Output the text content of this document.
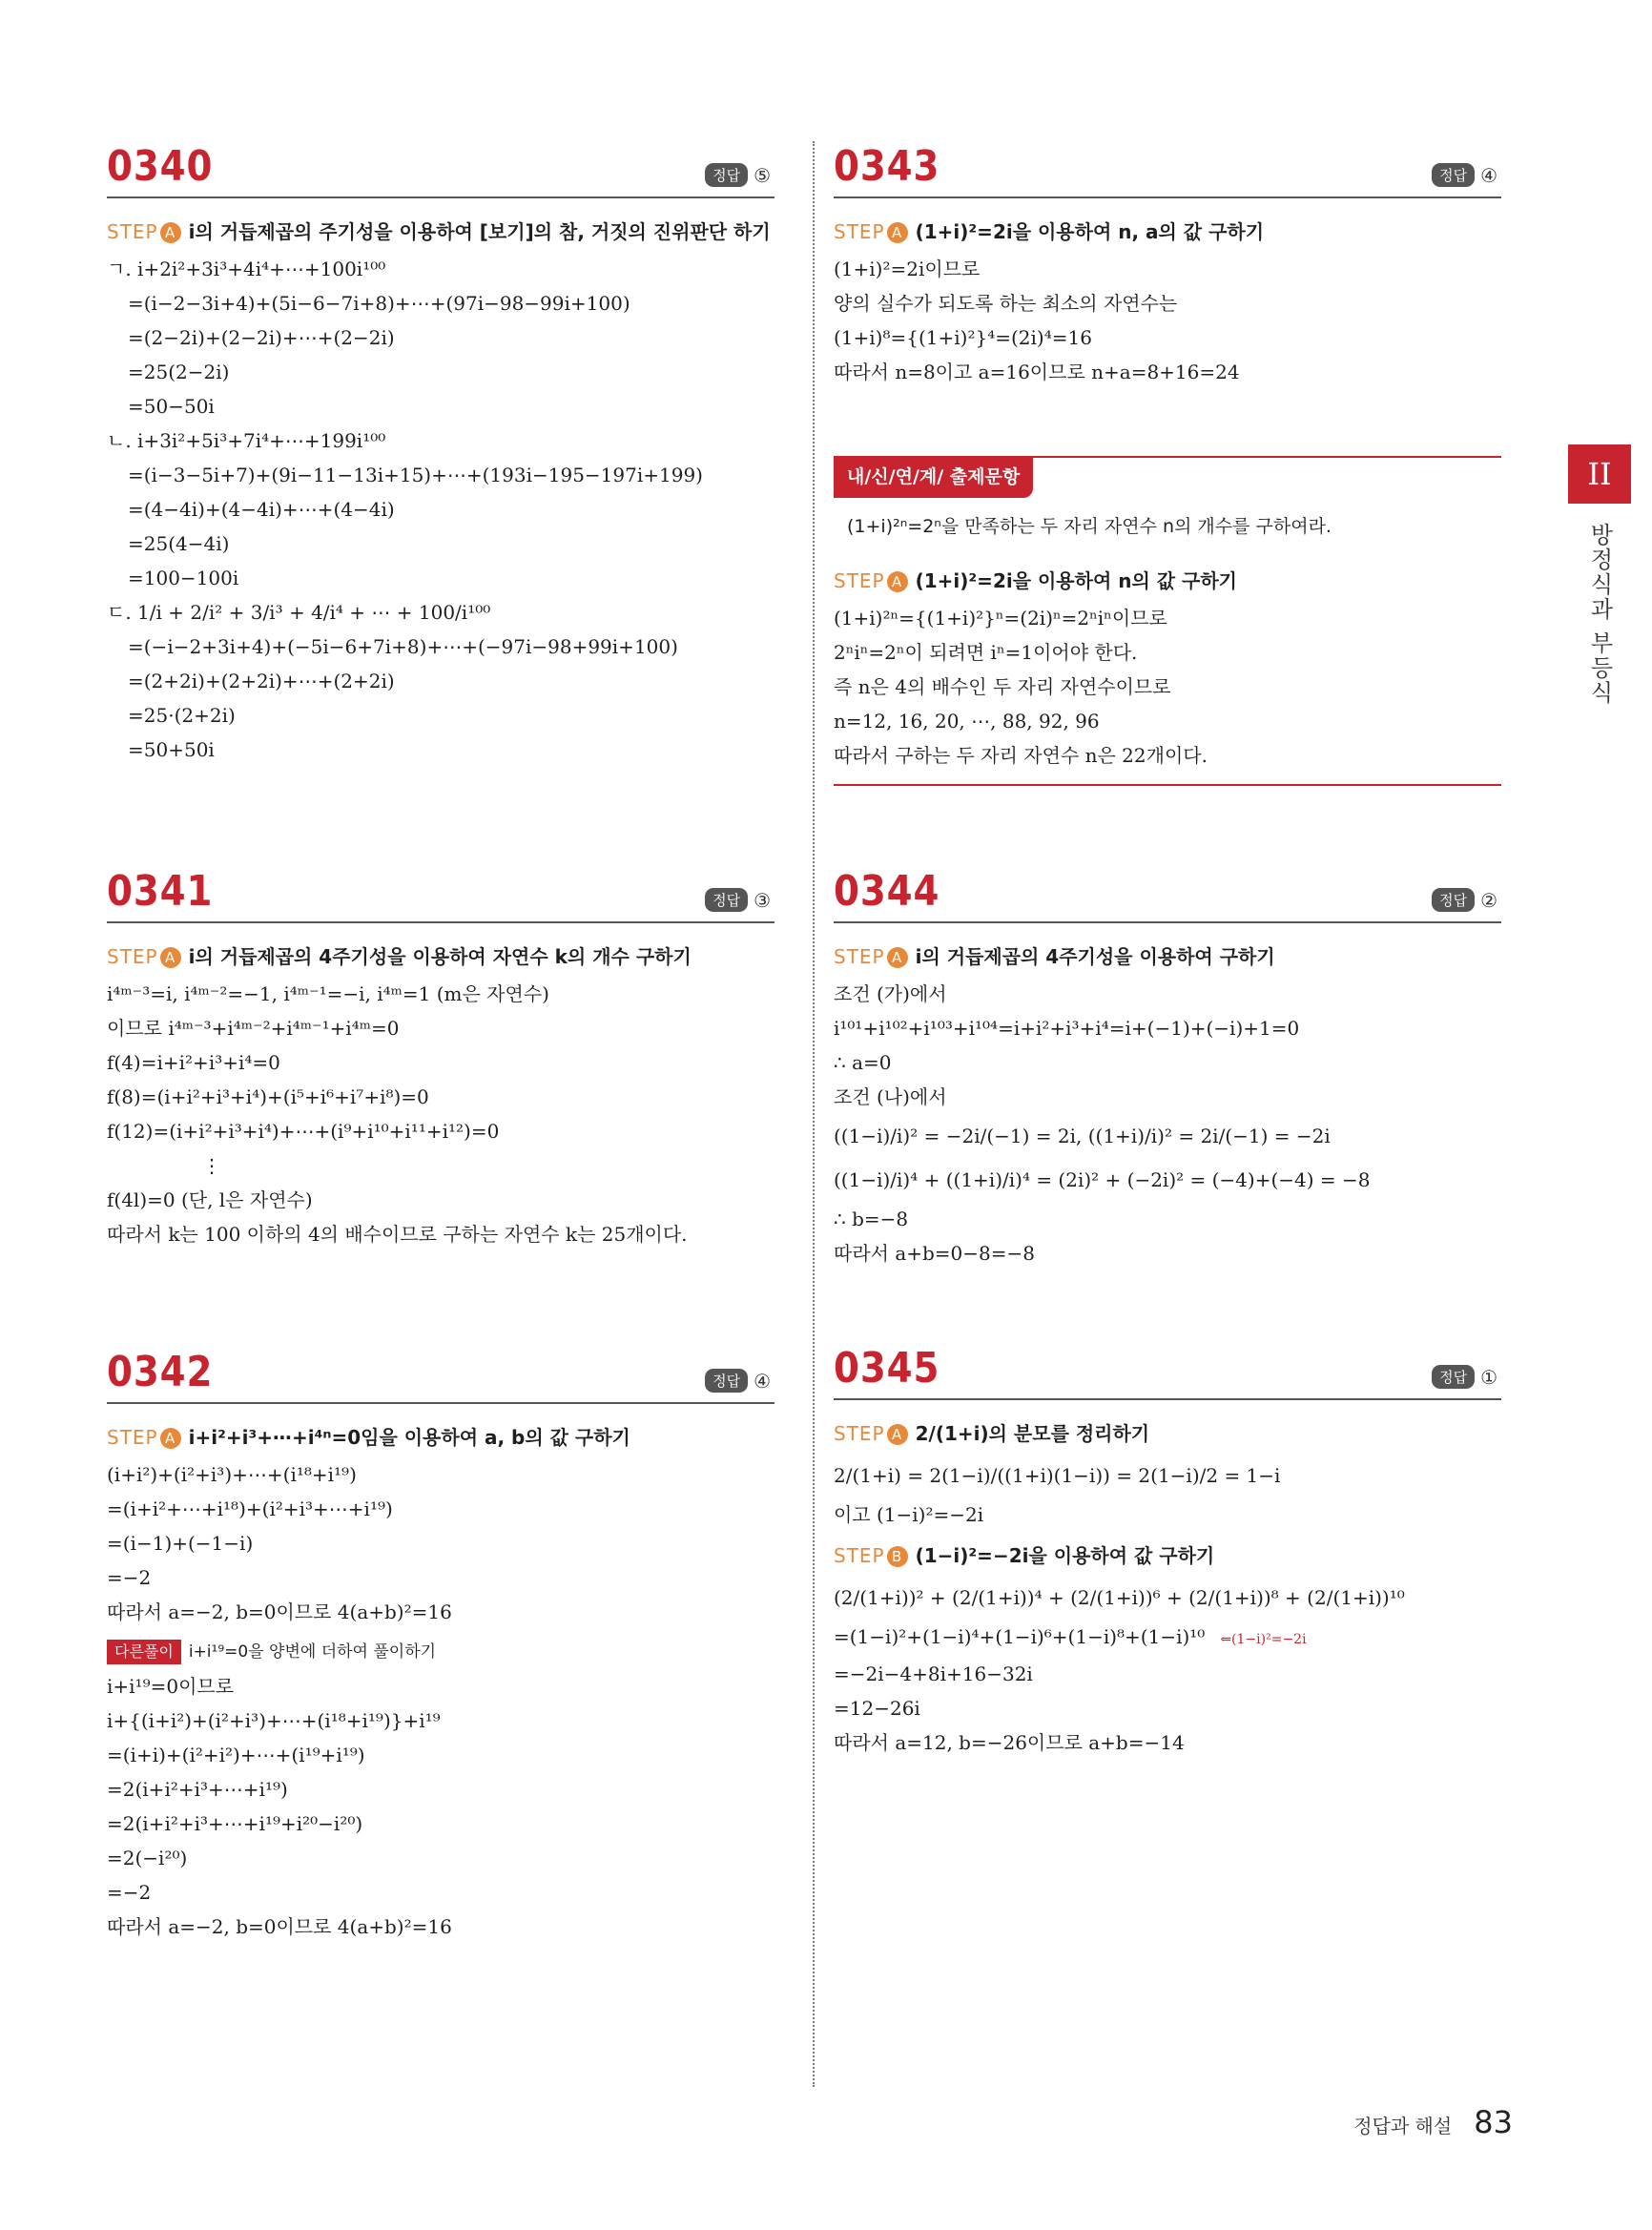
0340	정답 ⑤
STEP A i의 거듭제곱의 주기성을 이용하여 [보기]의 참, 거짓의 진위판단 하기
ㄱ. i+2i²+3i³+4i⁴+⋯+100i¹⁰⁰
=(i−2−3i+4)+(5i−6−7i+8)+⋯+(97i−98−99i+100)
=(2−2i)+(2−2i)+⋯+(2−2i)
=25(2−2i)
=50−50i
ㄴ. i+3i²+5i³+7i⁴+⋯+199i¹⁰⁰
=(i−3−5i+7)+(9i−11−13i+15)+⋯+(193i−195−197i+199)
=(4−4i)+(4−4i)+⋯+(4−4i)
=25(4−4i)
=100−100i
ㄷ. 1/i + 2/i² + 3/i³ + 4/i⁴ + ⋯ + 100/i¹⁰⁰
=(−i−2+3i+4)+(−5i−6+7i+8)+⋯+(−97i−98+99i+100)
=(2+2i)+(2+2i)+⋯+(2+2i)
=25·(2+2i)
=50+50i
0341	정답 ③
STEP A i의 거듭제곱의 4주기성을 이용하여 자연수 k의 개수 구하기
i⁴ᵐ⁻³=i, i⁴ᵐ⁻²=−1, i⁴ᵐ⁻¹=−i, i⁴ᵐ=1 (m은 자연수)
이므로 i⁴ᵐ⁻³+i⁴ᵐ⁻²+i⁴ᵐ⁻¹+i⁴ᵐ=0
f(4)=i+i²+i³+i⁴=0
f(8)=(i+i²+i³+i⁴)+(i⁵+i⁶+i⁷+i⁸)=0
f(12)=(i+i²+i³+i⁴)+⋯+(i⁹+i¹⁰+i¹¹+i¹²)=0
⋮
f(4l)=0 (단, l은 자연수)
따라서 k는 100 이하의 4의 배수이므로 구하는 자연수 k는 25개이다.
0342	정답 ④
STEP A i+i²+i³+⋯+i⁴ⁿ=0임을 이용하여 a, b의 값 구하기
(i+i²)+(i²+i³)+⋯+(i¹⁸+i¹⁹)
=(i+i²+⋯+i¹⁸)+(i²+i³+⋯+i¹⁹)
=(i−1)+(−1−i)
=−2
따라서 a=−2, b=0이므로 4(a+b)²=16
다른풀이 i+i¹⁹=0을 양변에 더하여 풀이하기
i+i¹⁹=0이므로
i+{(i+i²)+(i²+i³)+⋯+(i¹⁸+i¹⁹)}+i¹⁹
=(i+i)+(i²+i²)+⋯+(i¹⁹+i¹⁹)
=2(i+i²+i³+⋯+i¹⁹)
=2(i+i²+i³+⋯+i¹⁹+i²⁰−i²⁰)
=2(−i²⁰)
=−2
따라서 a=−2, b=0이므로 4(a+b)²=16
0343	정답 ④
STEP A (1+i)²=2i을 이용하여 n, a의 값 구하기
(1+i)²=2i이므로
양의 실수가 되도록 하는 최소의 자연수는
(1+i)⁸={(1+i)²}⁴=(2i)⁴=16
따라서 n=8이고 a=16이므로 n+a=8+16=24
내/신/연/계/ 출제문항
(1+i)²ⁿ=2ⁿ을 만족하는 두 자리 자연수 n의 개수를 구하여라.
STEP A (1+i)²=2i을 이용하여 n의 값 구하기
(1+i)²ⁿ={(1+i)²}ⁿ=(2i)ⁿ=2ⁿiⁿ이므로
2ⁿiⁿ=2ⁿ이 되려면 iⁿ=1이어야 한다.
즉 n은 4의 배수인 두 자리 자연수이므로
n=12, 16, 20, ⋯, 88, 92, 96
따라서 구하는 두 자리 자연수 n은 22개이다.
0344	정답 ②
STEP A i의 거듭제곱의 4주기성을 이용하여 구하기
조건 (가)에서
i¹⁰¹+i¹⁰²+i¹⁰³+i¹⁰⁴=i+i²+i³+i⁴=i+(−1)+(−i)+1=0
∴ a=0
조건 (나)에서
((1−i)/i)² = −2i/(−1) = 2i, ((1+i)/i)² = 2i/(−1) = −2i
((1−i)/i)⁴ + ((1+i)/i)⁴ = (2i)² + (−2i)² = (−4)+(−4) = −8
∴ b=−8
따라서 a+b=0−8=−8
0345	정답 ①
STEP A 2/(1+i)의 분모를 정리하기
2/(1+i) = 2(1−i)/((1+i)(1−i)) = 2(1−i)/2 = 1−i
이고 (1−i)²=−2i
STEP B (1−i)²=−2i을 이용하여 값 구하기
(2/(1+i))² + (2/(1+i))⁴ + (2/(1+i))⁶ + (2/(1+i))⁸ + (2/(1+i))¹⁰
=(1−i)²+(1−i)⁴+(1−i)⁶+(1−i)⁸+(1−i)¹⁰ ⇐(1−i)²=−2i
=−2i−4+8i+16−32i
=12−26i
따라서 a=12, b=−26이므로 a+b=−14
II
방정식과 부등식
정답과 해설 83
